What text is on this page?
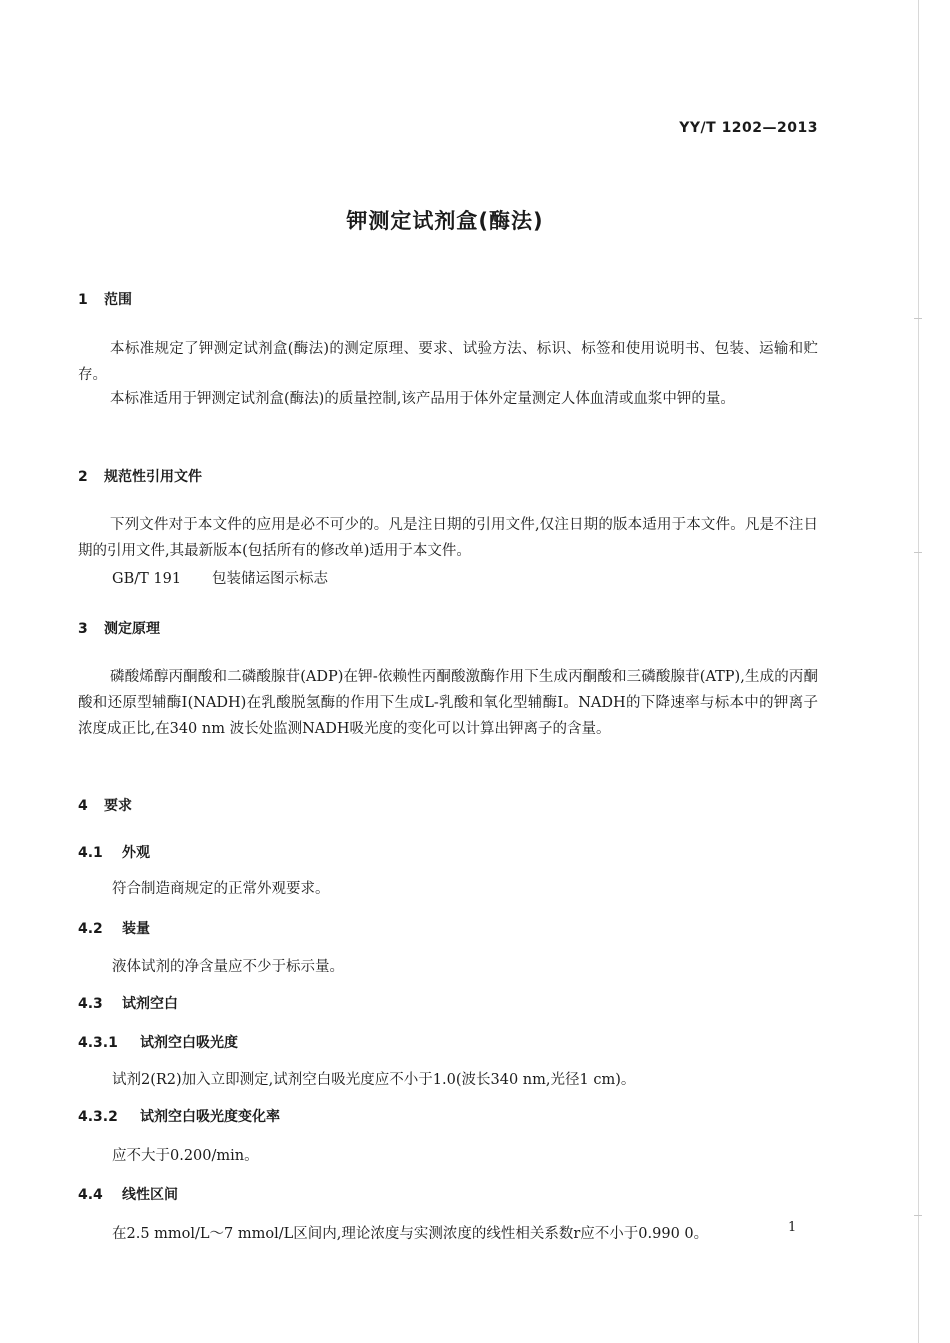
YY/T 1202—2013
钾测定试剂盒(酶法)
1 范围
本标准规定了钾测定试剂盒(酶法)的测定原理、要求、试验方法、标识、标签和使用说明书、包装、运输和贮存。
本标准适用于钾测定试剂盒(酶法)的质量控制,该产品用于体外定量测定人体血清或血浆中钾的量。
2 规范性引用文件
下列文件对于本文件的应用是必不可少的。凡是注日期的引用文件,仅注日期的版本适用于本文件。凡是不注日期的引用文件,其最新版本(包括所有的修改单)适用于本文件。
GB/T 191 包装储运图示标志
3 测定原理
磷酸烯醇丙酮酸和二磷酸腺苷(ADP)在钾-依赖性丙酮酸激酶作用下生成丙酮酸和三磷酸腺苷(ATP),生成的丙酮酸和还原型辅酶Ⅰ(NADH)在乳酸脱氢酶的作用下生成L-乳酸和氧化型辅酶Ⅰ。NADH的下降速率与标本中的钾离子浓度成正比,在340 nm 波长处监测NADH吸光度的变化可以计算出钾离子的含量。
4 要求
4.1 外观
符合制造商规定的正常外观要求。
4.2 装量
液体试剂的净含量应不少于标示量。
4.3 试剂空白
4.3.1 试剂空白吸光度
试剂2(R2)加入立即测定,试剂空白吸光度应不小于1.0(波长340 nm,光径1 cm)。
4.3.2 试剂空白吸光度变化率
应不大于0.200/min。
4.4 线性区间
在2.5 mmol/L～7 mmol/L区间内,理论浓度与实测浓度的线性相关系数r应不小于0.990 0。	1
